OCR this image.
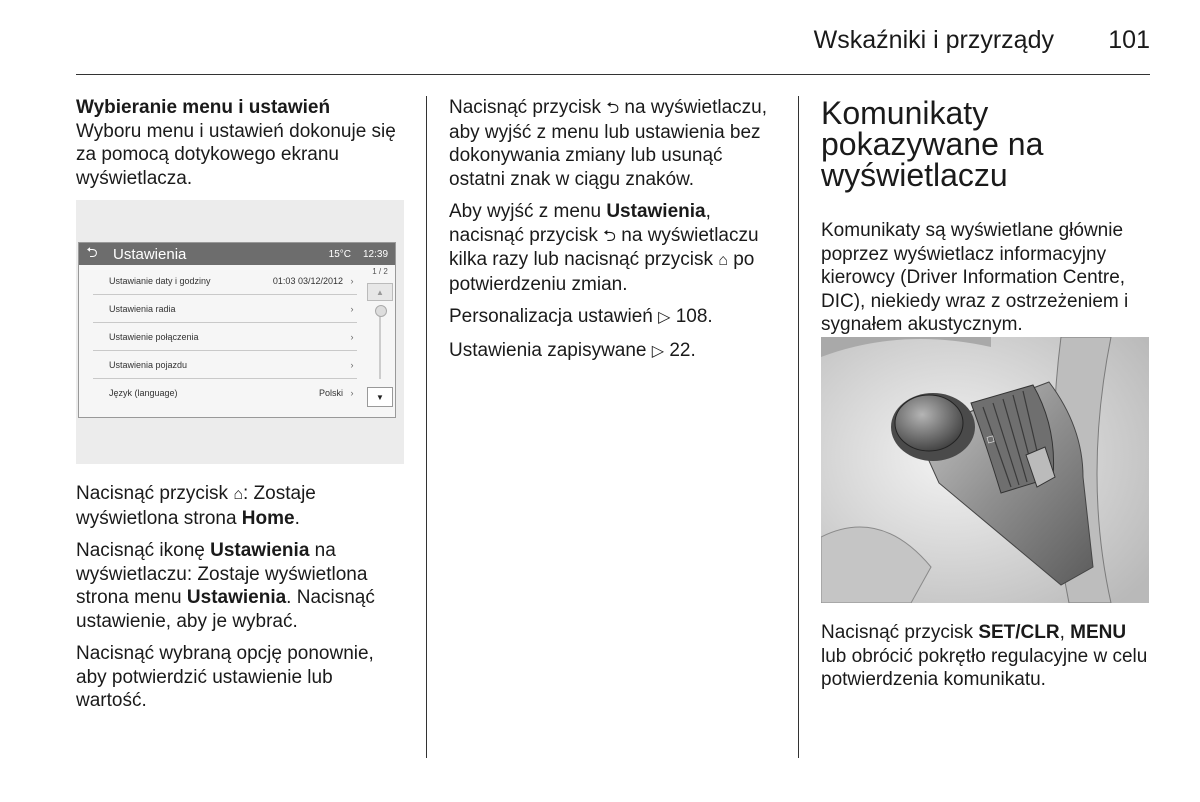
Wskaźniki i przyrządy 101

Wybieranie menu i ustawień

Wyboru menu i ustawień dokonuje się za pomocą dotykowego ekranu wyświetlacza.

⮌	Ustawienia	15°C 12:39
Ustawianie daty i godziny	01:03 03/12/2012 ›
Ustawienia radia	›
Ustawienie połączenia	›
Ustawienia pojazdu	›
Język (language)	Polski ›
1 / 2
▲
▼

Nacisnąć przycisk ⌂: Zostaje wyświetlona strona Home.

Nacisnąć ikonę Ustawienia na wyświetlaczu: Zostaje wyświetlona strona menu Ustawienia. Nacisnąć ustawienie, aby je wybrać.

Nacisnąć wybraną opcję ponownie, aby potwierdzić ustawienie lub wartość.

Nacisnąć przycisk ⮌ na wyświetlaczu, aby wyjść z menu lub ustawienia bez dokonywania zmiany lub usunąć ostatni znak w ciągu znaków.

Aby wyjść z menu Ustawienia, nacisnąć przycisk ⮌ na wyświetlaczu kilka razy lub nacisnąć przycisk ⌂ po potwierdzeniu zmian.

Personalizacja ustawień ▷ 108.

Ustawienia zapisywane ▷ 22.

Komunikaty pokazywane na wyświetlaczu

Komunikaty są wyświetlane głównie poprzez wyświetlacz informacyjny kierowcy (Driver Information Centre, DIC), niekiedy wraz z ostrzeżeniem i sygnałem akustycznym.

◇

Nacisnąć przycisk SET/CLR, MENU lub obrócić pokrętło regulacyjne w celu potwierdzenia komunikatu.
